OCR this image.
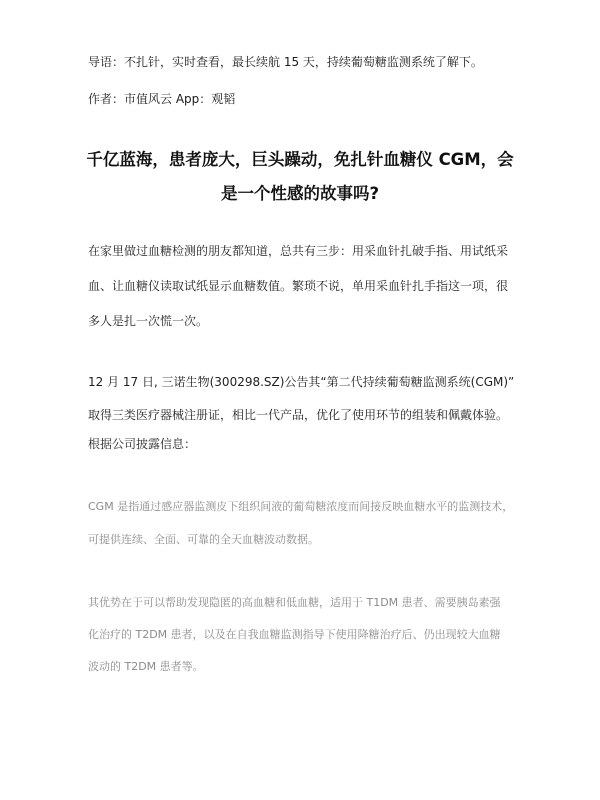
导语：不扎针，实时查看，最长续航 15 天，持续葡萄糖监测系统了解下。
作者：市值风云 App：观韬
千亿蓝海，患者庞大，巨头躁动，免扎针血糖仪 CGM，会
是一个性感的故事吗?
在家里做过血糖检测的朋友都知道，总共有三步：用采血针扎破手指、用试纸采
血、让血糖仪读取试纸显示血糖数值。繁琐不说，单用采血针扎手指这一项，很
多人是扎一次慌一次。
12 月 17 日, 三诺生物(300298.SZ)公告其“第二代持续葡萄糖监测系统(CGM)”
取得三类医疗器械注册证，相比一代产品，优化了使用环节的组装和佩戴体验。
根据公司披露信息：
CGM 是指通过感应器监测皮下组织间液的葡萄糖浓度而间接反映血糖水平的监测技术，
可提供连续、全面、可靠的全天血糖波动数据。
其优势在于可以帮助发现隐匿的高血糖和低血糖，适用于 T1DM 患者、需要胰岛素强
化治疗的 T2DM 患者，以及在自我血糖监测指导下使用降糖治疗后、仍出现较大血糖
波动的 T2DM 患者等。
